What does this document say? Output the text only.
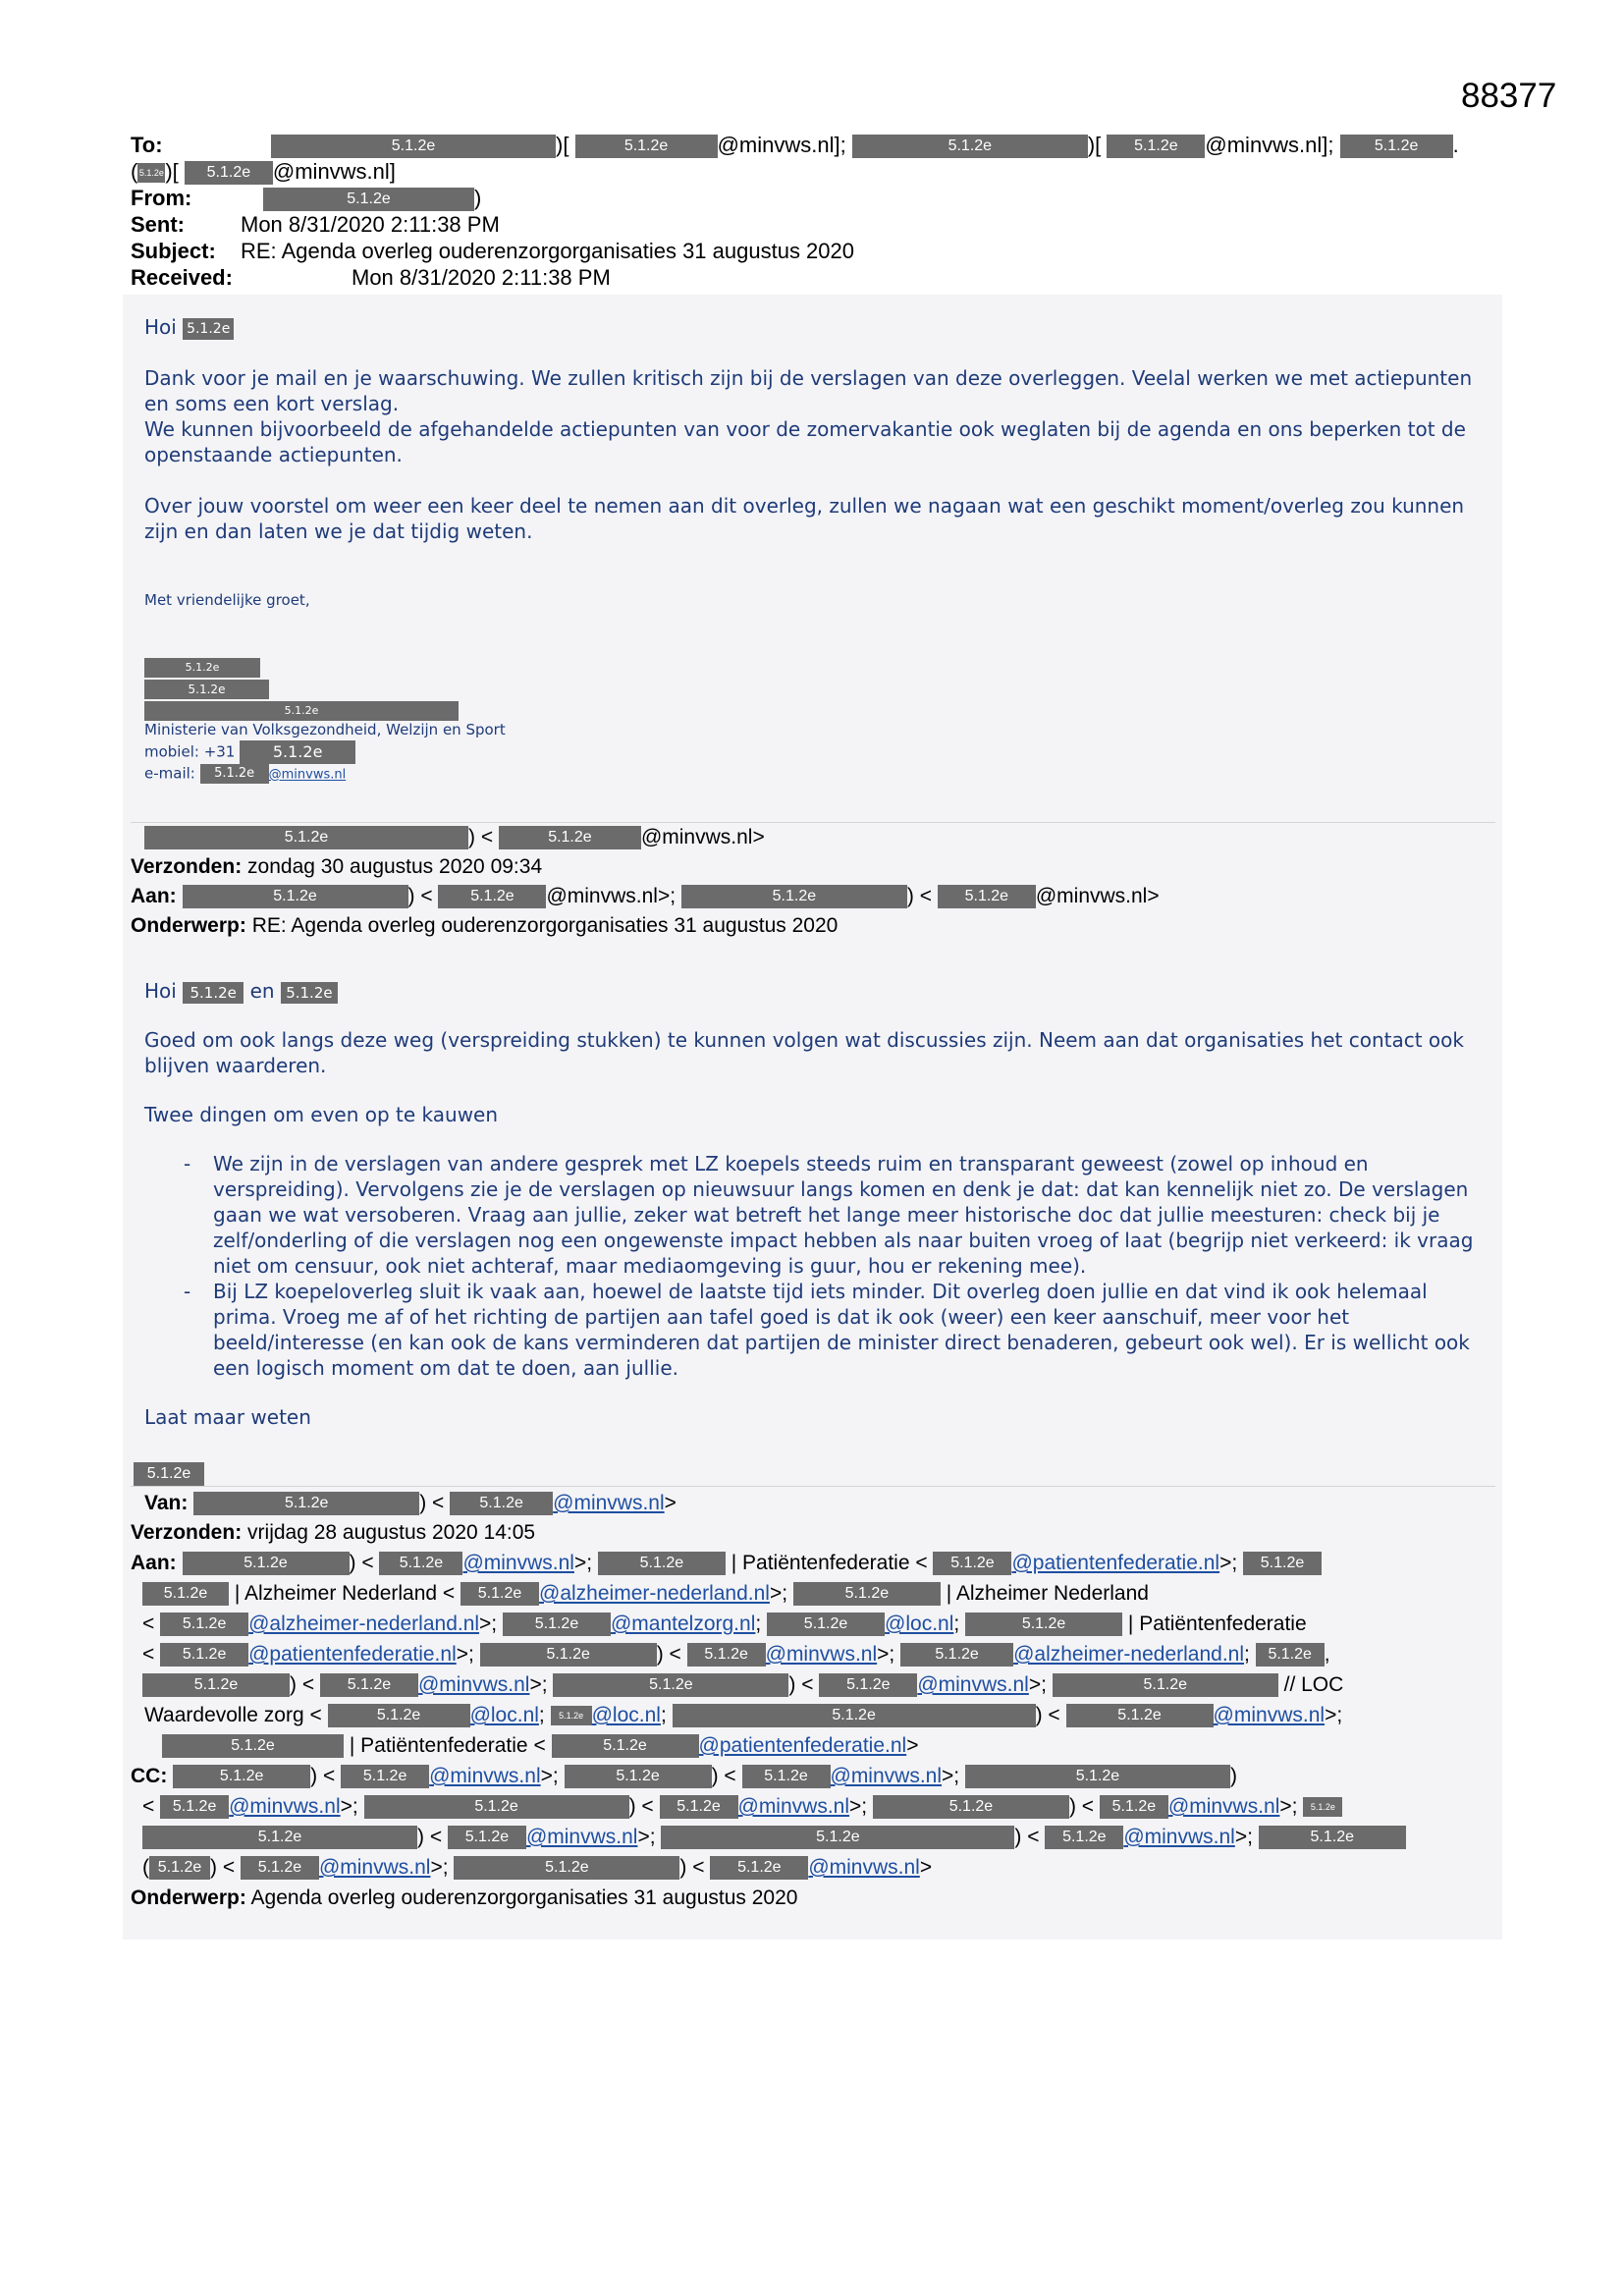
88377
To:	5.1.2e	)[	5.1.2e @minvws.nl];	5.1.2e	)[ 5.1.2e @minvws.nl];	5.1.2e .
(5.1.2e)[ 5.1.2e @minvws.nl]
From:	5.1.2e	)
Sent:	Mon 8/31/2020 2:11:38 PM
Subject: RE: Agenda overleg ouderenzorgorganisaties 31 augustus 2020
Received:	Mon 8/31/2020 2:11:38 PM

Hoi 5.1.2e

Dank voor je mail en je waarschuwing. We zullen kritisch zijn bij de verslagen van deze overleggen. Veelal werken we met actiepunten en soms een kort verslag.

We kunnen bijvoorbeeld de afgehandelde actiepunten van voor de zomervakantie ook weglaten bij de agenda en ons beperken tot de openstaande actiepunten.

Over jouw voorstel om weer een keer deel te nemen aan dit overleg, zullen we nagaan wat een geschikt moment/overleg zou kunnen zijn en dan laten we je dat tijdig weten.

Met vriendelijke groet,
5.1.2e
5.1.2e
5.1.2e
Ministerie van Volksgezondheid, Welzijn en Sport
mobiel: +31 5.1.2e
e-mail: 5.1.2e @minvws.nl
5.1.2e	) <	5.1.2e @minvws.nl>
Verzonden: zondag 30 augustus 2020 09:34
Aan:	5.1.2e	) < 5.1.2e @minvws.nl>;	5.1.2e	) < 5.1.2e @minvws.nl>
Onderwerp: RE: Agenda overleg ouderenzorgorganisaties 31 augustus 2020

Hoi 5.1.2e en 5.1.2e

Goed om ook langs deze weg (verspreiding stukken) te kunnen volgen wat discussies zijn. Neem aan dat organisaties het contact ook blijven waarderen.

Twee dingen om even op te kauwen

- We zijn in de verslagen van andere gesprek met LZ koepels steeds ruim en transparant geweest (zowel op inhoud en verspreiding). Vervolgens zie je de verslagen op nieuwsuur langs komen en denk je dat: dat kan kennelijk niet zo. De verslagen gaan we wat versoberen. Vraag aan jullie, zeker wat betreft het lange meer historische doc dat jullie meesturen: check bij je zelf/onderling of die verslagen nog een ongewenste impact hebben als naar buiten vroeg of laat (begrijp niet verkeerd: ik vraag niet om censuur, ook niet achteraf, maar mediaomgeving is guur, hou er rekening mee).
- Bij LZ koepeloverleg sluit ik vaak aan, hoewel de laatste tijd iets minder. Dit overleg doen jullie en dat vind ik ook helemaal prima. Vroeg me af of het richting de partijen aan tafel goed is dat ik ook (weer) een keer aanschuif, meer voor het beeld/interesse (en kan ook de kans verminderen dat partijen de minister direct benaderen, gebeurt ook wel). Er is wellicht ook een logisch moment om dat te doen, aan jullie.

Laat maar weten

5.1.2e
Van:	5.1.2e	) < 5.1.2e @minvws.nl>
Verzonden: vrijdag 28 augustus 2020 14:05
Aan:	5.1.2e	) < 5.1.2e @minvws.nl>;	5.1.2e | Patiëntenfederatie < 5.1.2e @patientenfederatie.nl>; 5.1.2e
5.1.2e | Alzheimer Nederland < 5.1.2e @alzheimer-nederland.nl>;	5.1.2e	| Alzheimer Nederland
< 5.1.2e @alzheimer-nederland.nl>; 5.1.2e @mantelzorg.nl; 5.1.2e @loc.nl;	5.1.2e	| Patiëntenfederatie
< 5.1.2e @patientenfederatie.nl>;	5.1.2e	) < 5.1.2e @minvws.nl>; 5.1.2e @alzheimer-nederland.nl; 5.1.2e ,
5.1.2e	) < 5.1.2e @minvws.nl>;	5.1.2e	) < 5.1.2e @minvws.nl>;	5.1.2e	// LOC
Waardevolle zorg <	5.1.2e @loc.nl; 5.1.2e @loc.nl;	5.1.2e	) <	5.1.2e	@minvws.nl>;
5.1.2e	| Patiëntenfederatie <	5.1.2e	@patientenfederatie.nl>
CC:	5.1.2e ) < 5.1.2e @minvws.nl>;	5.1.2e	) < 5.1.2e @minvws.nl>;	5.1.2e	)
< 5.1.2e @minvws.nl>;	5.1.2e	) < 5.1.2e @minvws.nl>;	5.1.2e	) < 5.1.2e @minvws.nl>; 5.1.2e
5.1.2e	) < 5.1.2e @minvws.nl>;	5.1.2e	) < 5.1.2e @minvws.nl>;	5.1.2e
( 5.1.2e ) < 5.1.2e @minvws.nl>;	5.1.2e	) < 5.1.2e @minvws.nl>
Onderwerp: Agenda overleg ouderenzorgorganisaties 31 augustus 2020
